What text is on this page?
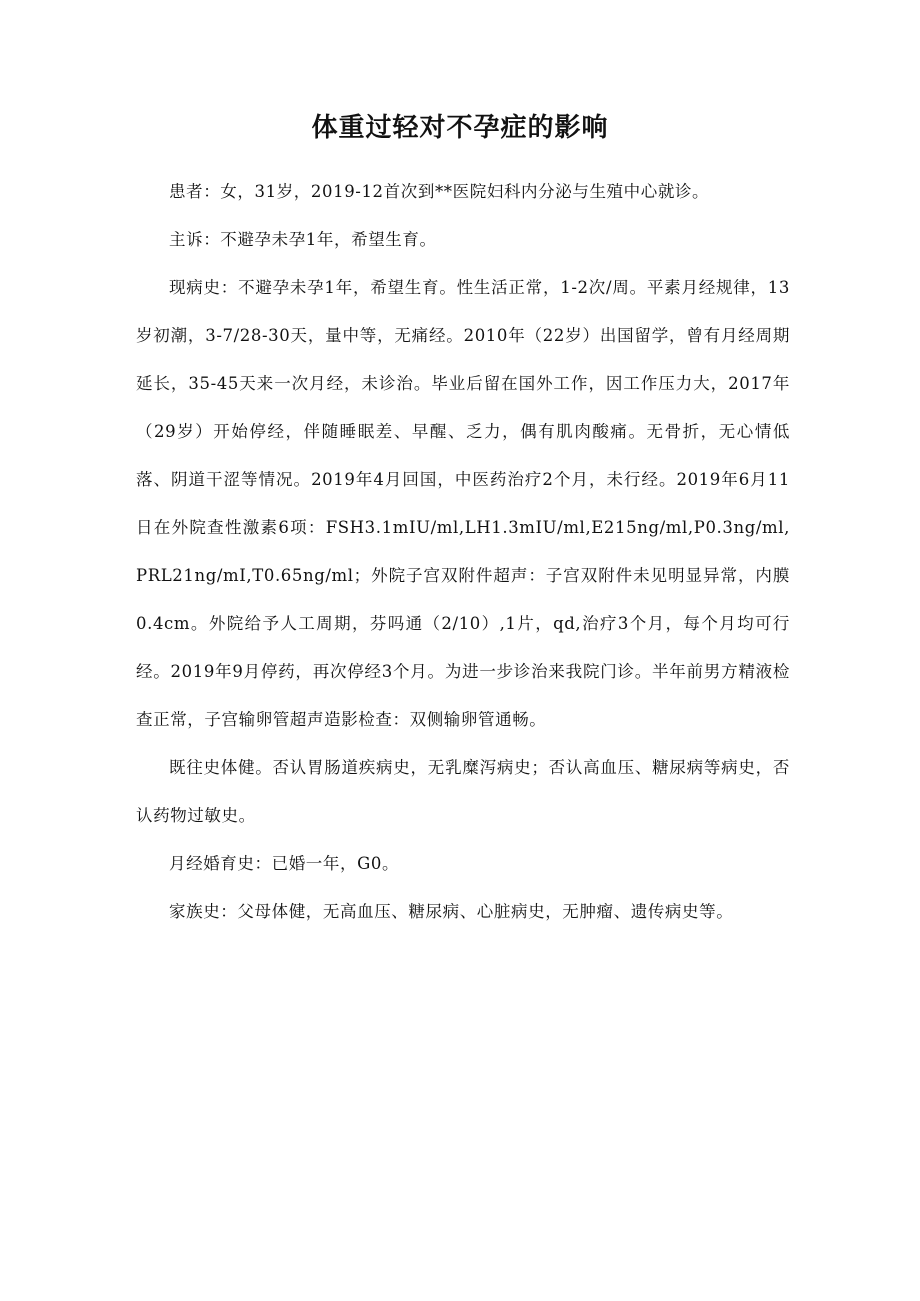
体重过轻对不孕症的影响

患者：女，31岁，2019-12首次到**医院妇科内分泌与生殖中心就诊。

主诉：不避孕未孕1年，希望生育。

现病史：不避孕未孕1年，希望生育。性生活正常，1-2次/周。平素月经规律，13岁初潮，3-7/28-30天，量中等，无痛经。2010年（22岁）出国留学，曾有月经周期延长，35-45天来一次月经，未诊治。毕业后留在国外工作，因工作压力大，2017年（29岁）开始停经，伴随睡眠差、早醒、乏力，偶有肌肉酸痛。无骨折，无心情低落、阴道干涩等情况。2019年4月回国，中医药治疗2个月，未行经。2019年6月11日在外院查性激素6项：FSH3.1mIU/ml,LH1.3mIU/ml,E215ng/ml,P0.3ng/ml,PRL21ng/mI,T0.65ng/ml；外院子宫双附件超声：子宫双附件未见明显异常，内膜0.4cm。外院给予人工周期，芬吗通（2/10）,1片，qd,治疗3个月，每个月均可行经。2019年9月停药，再次停经3个月。为进一步诊治来我院门诊。半年前男方精液检查正常，子宫输卵管超声造影检查：双侧输卵管通畅。

既往史体健。否认胃肠道疾病史，无乳糜泻病史；否认高血压、糖尿病等病史，否认药物过敏史。

月经婚育史：已婚一年，G0。

家族史：父母体健，无高血压、糖尿病、心脏病史，无肿瘤、遗传病史等。
